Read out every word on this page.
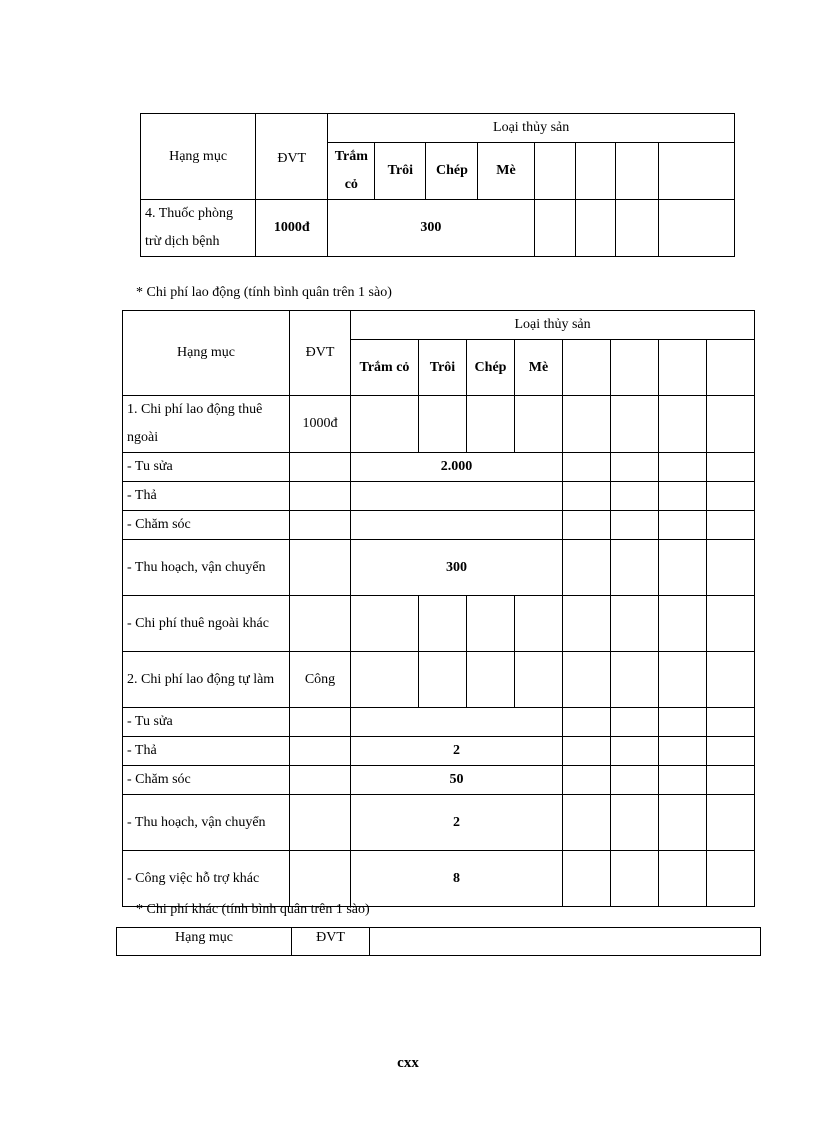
Hạng mục	ĐVT	Loại thủy sản							
		Trắm cỏ	Trôi	Chép	Mè				
4. Thuốc phòng trừ dịch bệnh	1000đ	300							
* Chi phí lao động (tính bình quân trên 1 sào)
Hạng mục	ĐVT	Loại thủy sản							
		Trắm cỏ	Trôi	Chép	Mè				
1. Chi phí lao động thuê ngoài	1000đ								
- Tu sửa		2.000							
- Thả									
- Chăm sóc									
- Thu hoạch, vận chuyển		300							
- Chi phí thuê ngoài khác									
2. Chi phí lao động tự làm	Công								
- Tu sửa									
- Thả		2							
- Chăm sóc		50							
- Thu hoạch, vận chuyển		2							
- Công việc hỗ trợ khác		8							
* Chi phí khác (tính bình quân trên 1 sào)
Hạng mục	ĐVT	
cxx
